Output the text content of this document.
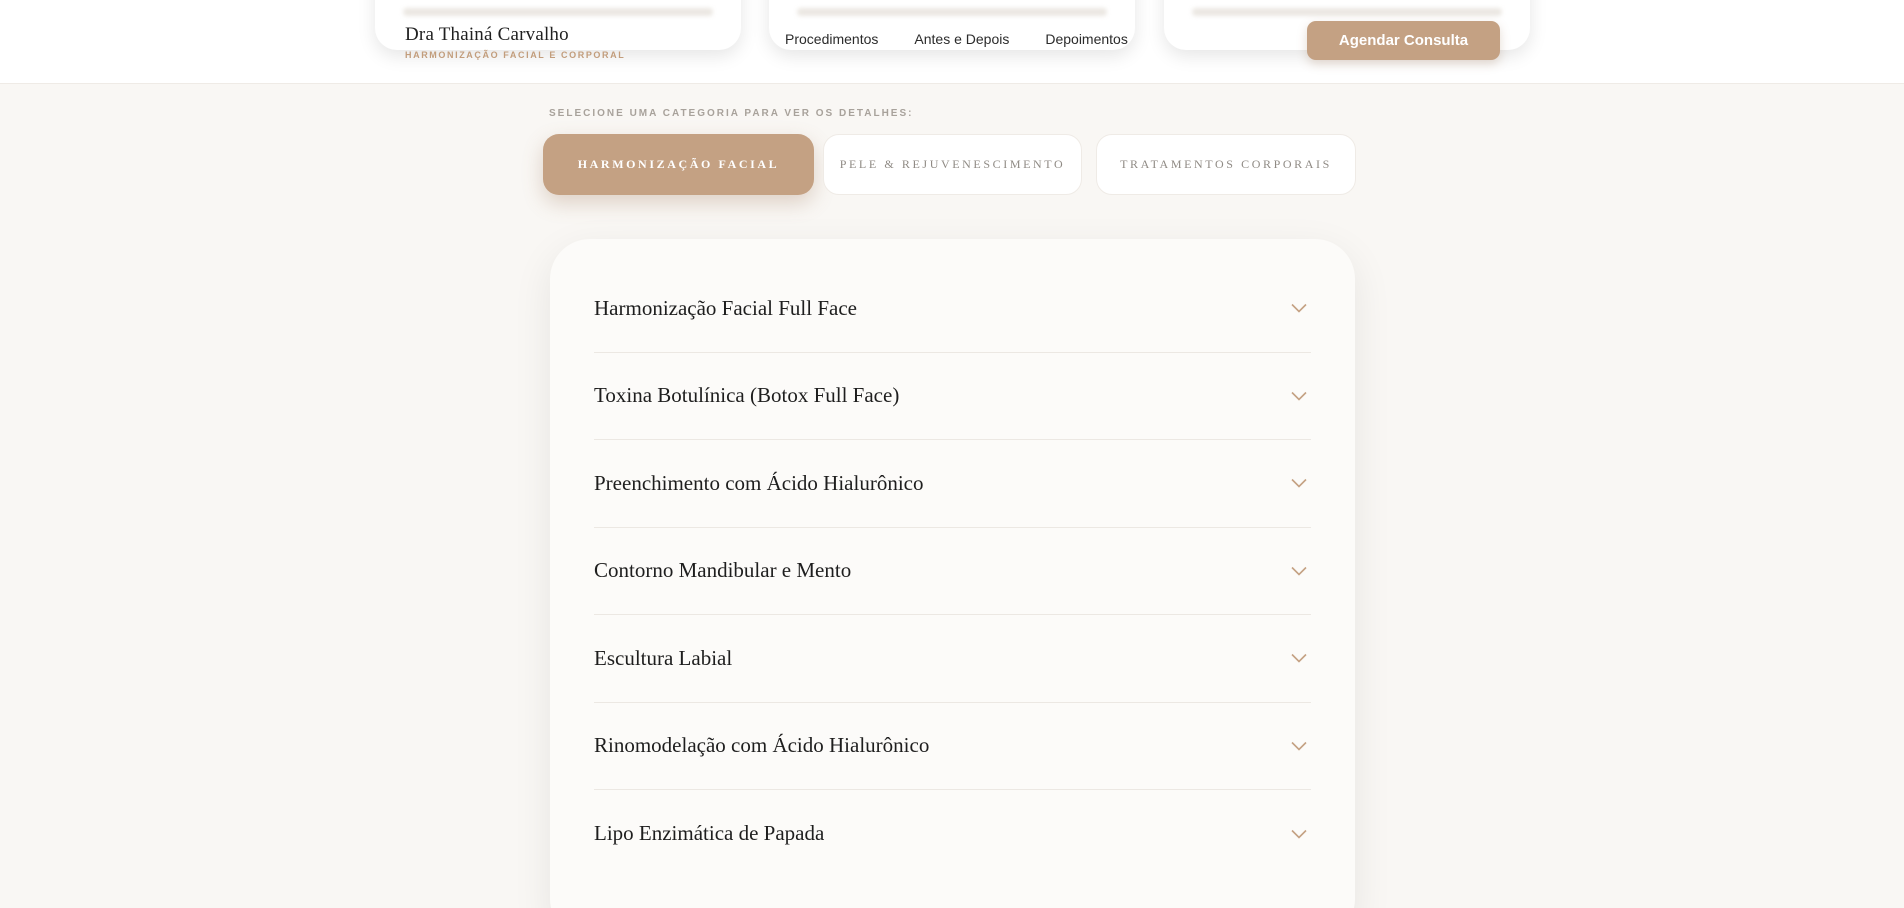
Dra Thainá Carvalho
HARMONIZAÇÃO FACIAL E CORPORAL
Procedimentos	Antes e Depois	Depoimentos	Agendar Consulta
SELECIONE UMA CATEGORIA PARA VER OS DETALHES:
HARMONIZAÇÃO FACIAL	PELE & REJUVENESCIMENTO	TRATAMENTOS CORPORAIS
Harmonização Facial Full Face
Toxina Botulínica (Botox Full Face)
Preenchimento com Ácido Hialurônico
Contorno Mandibular e Mento
Escultura Labial
Rinomodelação com Ácido Hialurônico
Lipo Enzimática de Papada
